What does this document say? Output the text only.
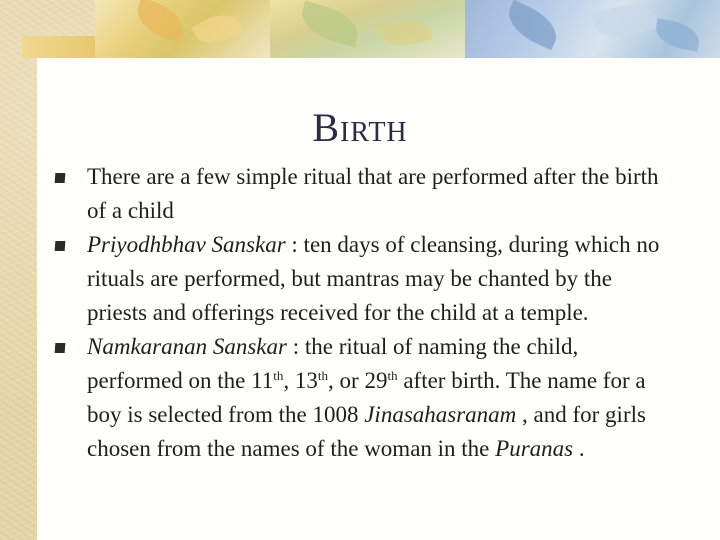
Birth
There are a few simple ritual that are performed after the birth of a child
Priyodhbhav Sanskar : ten days of cleansing, during which no rituals are performed, but mantras may be chanted by the priests and offerings received for the child at a temple.
Namkaranan Sanskar : the ritual of naming the child, performed on the 11th, 13th, or 29th after birth. The name for a boy is selected from the 1008 Jinasahasranam , and for girls chosen from the names of the woman in the Puranas .
